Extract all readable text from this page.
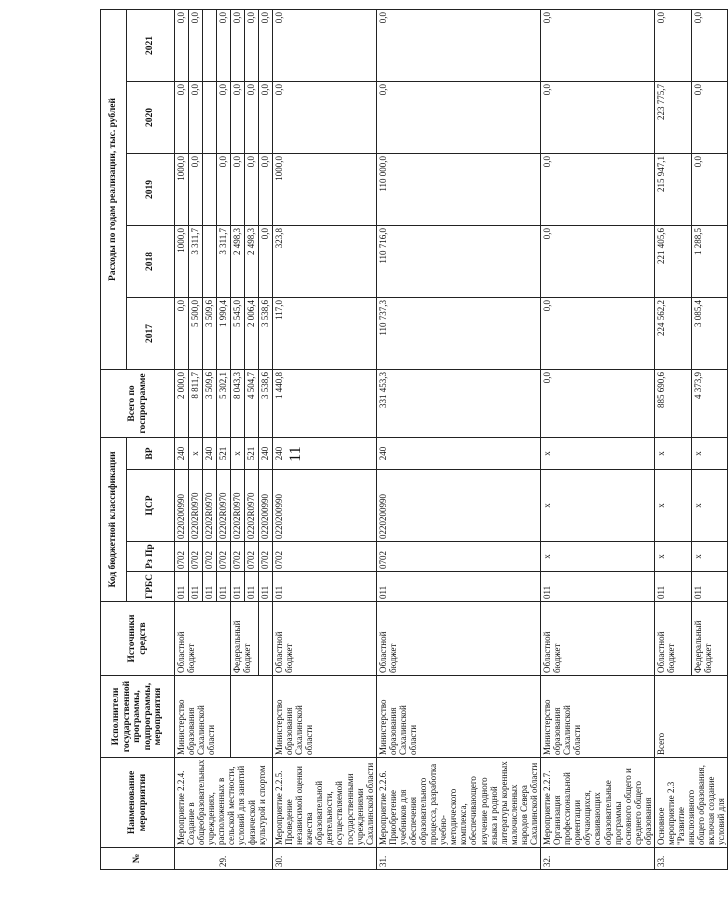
11
№	Наименование мероприятия	Исполнители государственной программы, подпрограммы, мероприятия	Источники средств	Код бюджетной классификации				Всего по госпрограмме	Расходы по годам реализации, тыс. рублей				
				ГРБС	Рз Пр	ЦСР	ВР		2017	2018	2019	2020	2021
29.	Мероприятие 2.2.4. Создание в общеобразовательных учреждениях, расположенных в сельской местности, условий для занятий физической культурой и спортом	Министерство образования Сахалинской области	Областной бюджет	011	0702	0220200990	240	2 000,0	0,0	1000,0	1000,0	0,0	0,0
				011	0702	02202R0970	x	8 811,7	5 500,0	3 311,7	0,0	0,0	0,0
				011	0702	02202R0970	240	3 509,6	3 509,6				
				011	0702	02202R0970	521	5 302,1	1 990,4	3 311,7	0,0	0,0	0,0
			Федеральный бюджет	011	0702	02202R0970	x	8 043,3	5 545,0	2 498,3	0,0	0,0	0,0
				011	0702	02202R0970	521	4 504,7	2 006,4	2 498,3	0,0	0,0	0,0
				011	0702	0220200990	240	3 538,6	3 538,6	0,0	0,0	0,0	0,0
30.	Мероприятие 2.2.5. Проведение независимой оценки качества образовательной деятельности, осуществляемой государственными учреждениями Сахалинской области	Министерство образования Сахалинской области	Областной бюджет	011	0702	0220200990	240	1 440,8	117,0	323,8	1000,0	0,0	0,0
31.	Мероприятие 2.2.6. Приобретение учебников для обеспечения образовательного процесса, разработка учебно-методического комплекса, обеспечивающего изучение родного языка и родной литературы коренных малочисленных народов Севера Сахалинской области	Министерство образования Сахалинской области	Областной бюджет	011	0702	0220200990	240	331 453,3	110 737,3	110 716,0	110 000,0	0,0	0,0
32.	Мероприятие 2.2.7. Организация профессиональной ориентации обучающихся, осваивающих образовательные программы основного общего и среднего общего образования	Министерство образования Сахалинской области	Областной бюджет	011	x	x	x	0,0	0,0	0,0	0,0	0,0	0,0
33.	Основное мероприятие 2.3 "Развитие инклюзивного общего образования, включая создание условий для	Всего	Областной бюджет	011	x	x	x	885 690,6	224 562,2	221 405,6	215 947,1	223 775,7	0,0
			Федеральный бюджет	011	x	x	x	4 373,9	3 085,4	1 288,5	0,0	0,0	0,0
